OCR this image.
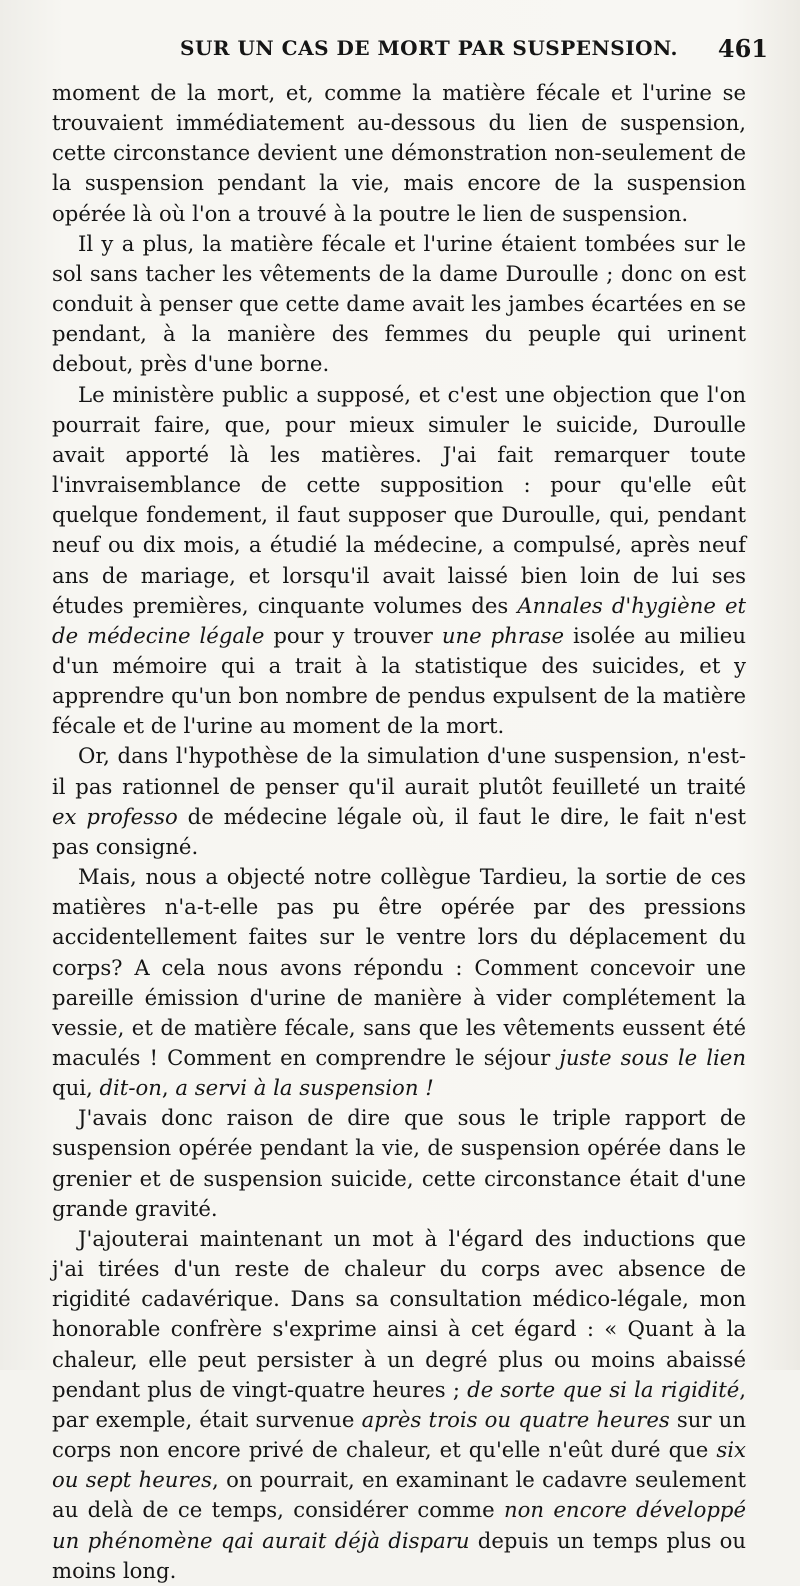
SUR UN CAS DE MORT PAR SUSPENSION. 461

moment de la mort, et, comme la matière fécale et l'urine se trouvaient immédiatement au-dessous du lien de suspension, cette circonstance devient une démonstration non-seulement de la suspension pendant la vie, mais encore de la suspension opérée là où l'on a trouvé à la poutre le lien de suspension.

Il y a plus, la matière fécale et l'urine étaient tombées sur le sol sans tacher les vêtements de la dame Duroulle ; donc on est conduit à penser que cette dame avait les jambes écartées en se pendant, à la manière des femmes du peuple qui urinent debout, près d'une borne.

Le ministère public a supposé, et c'est une objection que l'on pourrait faire, que, pour mieux simuler le suicide, Duroulle avait apporté là les matières. J'ai fait remarquer toute l'invraisemblance de cette supposition : pour qu'elle eût quelque fondement, il faut supposer que Duroulle, qui, pendant neuf ou dix mois, a étudié la médecine, a compulsé, après neuf ans de mariage, et lorsqu'il avait laissé bien loin de lui ses études premières, cinquante volumes des Annales d'hygiène et de médecine légale pour y trouver une phrase isolée au milieu d'un mémoire qui a trait à la statistique des suicides, et y apprendre qu'un bon nombre de pendus expulsent de la matière fécale et de l'urine au moment de la mort.

Or, dans l'hypothèse de la simulation d'une suspension, n'est-il pas rationnel de penser qu'il aurait plutôt feuilleté un traité ex professo de médecine légale où, il faut le dire, le fait n'est pas consigné.

Mais, nous a objecté notre collègue Tardieu, la sortie de ces matières n'a-t-elle pas pu être opérée par des pressions accidentellement faites sur le ventre lors du déplacement du corps? A cela nous avons répondu : Comment concevoir une pareille émission d'urine de manière à vider complétement la vessie, et de matière fécale, sans que les vêtements eussent été maculés ! Comment en comprendre le séjour juste sous le lien qui, dit-on, a servi à la suspension !

J'avais donc raison de dire que sous le triple rapport de suspension opérée pendant la vie, de suspension opérée dans le grenier et de suspension suicide, cette circonstance était d'une grande gravité.

J'ajouterai maintenant un mot à l'égard des inductions que j'ai tirées d'un reste de chaleur du corps avec absence de rigidité cadavérique. Dans sa consultation médico-légale, mon honorable confrère s'exprime ainsi à cet égard : « Quant à la chaleur, elle peut persister à un degré plus ou moins abaissé pendant plus de vingt-quatre heures ; de sorte que si la rigidité, par exemple, était survenue après trois ou quatre heures sur un corps non encore privé de chaleur, et qu'elle n'eût duré que six ou sept heures, on pourrait, en examinant le cadavre seulement au delà de ce temps, considérer comme non encore développé un phénomène qai aurait déjà disparu depuis un temps plus ou moins long.
